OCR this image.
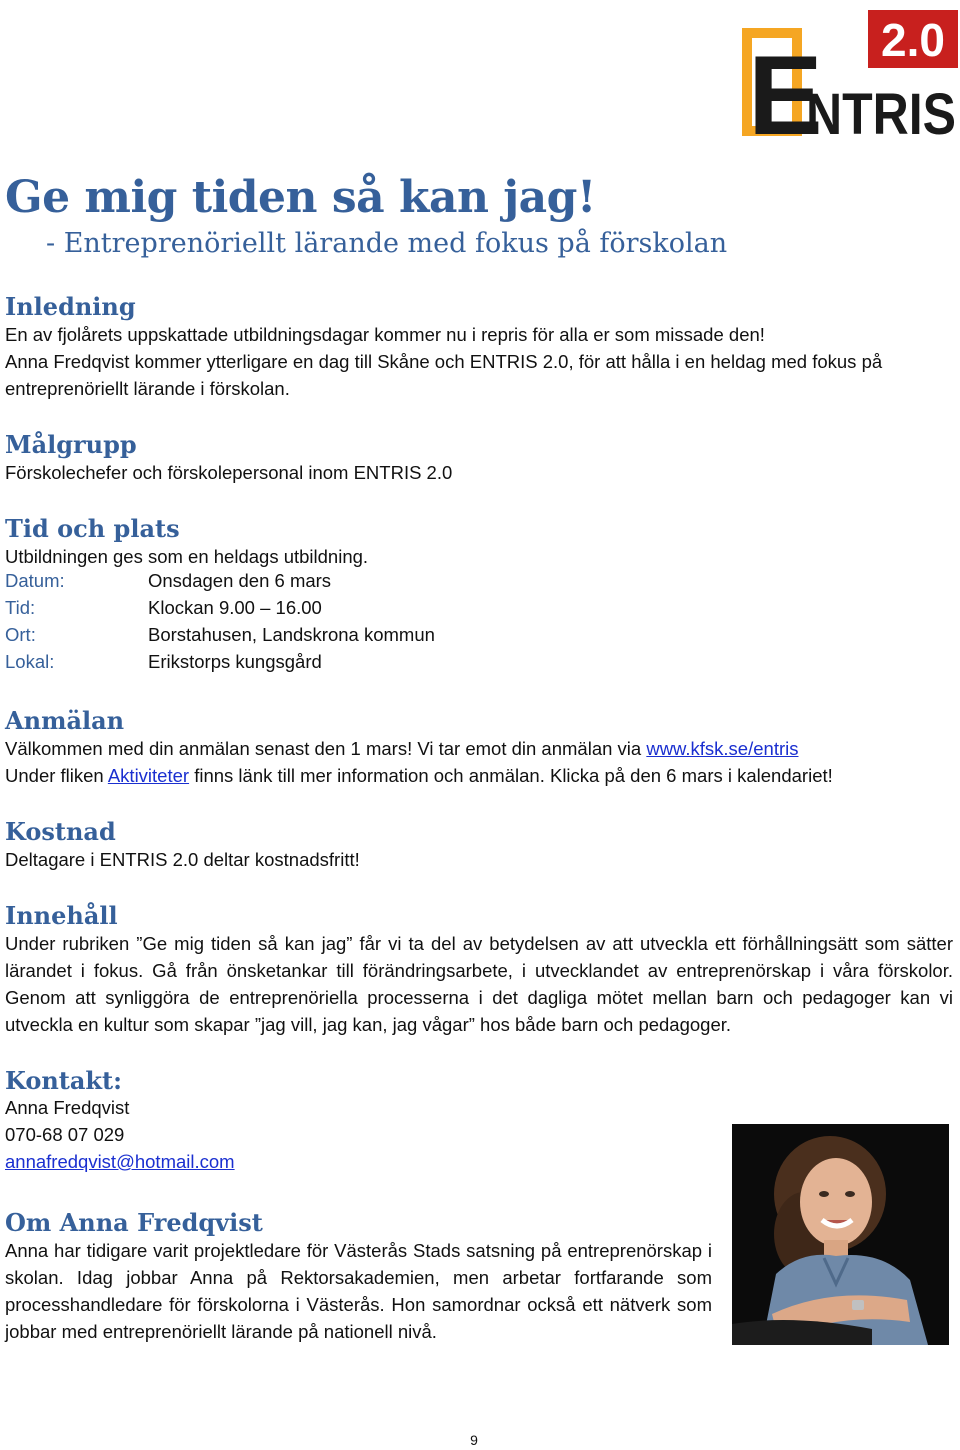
2.0
E
NTRIS
Ge mig tiden så kan jag!
- Entreprenöriellt lärande med fokus på förskolan
Inledning
En av fjolårets uppskattade utbildningsdagar kommer nu i repris för alla er som missade den!
Anna Fredqvist kommer ytterligare en dag till Skåne och ENTRIS 2.0, för att hålla i en heldag med fokus på
entreprenöriellt lärande i förskolan.
Målgrupp
Förskolechefer och förskolepersonal inom ENTRIS 2.0
Tid och plats
Utbildningen ges som en heldags utbildning.
Datum:	Onsdagen den 6 mars
Tid:	Klockan 9.00 – 16.00
Ort:	Borstahusen, Landskrona kommun
Lokal:	Erikstorps kungsgård
Anmälan
Välkommen med din anmälan senast den 1 mars! Vi tar emot din anmälan via www.kfsk.se/entris
Under fliken Aktiviteter finns länk till mer information och anmälan. Klicka på den 6 mars i kalendariet!
Kostnad
Deltagare i ENTRIS 2.0 deltar kostnadsfritt!
Innehåll
Under rubriken ”Ge mig tiden så kan jag” får vi ta del av betydelsen av att utveckla ett förhållningsätt som sätter lärandet i fokus. Gå från önsketankar till förändringsarbete, i utvecklandet av entreprenörskap i våra förskolor. Genom att synliggöra de entreprenöriella processerna i det dagliga mötet mellan barn och pedagoger kan vi utveckla en kultur som skapar ”jag vill, jag kan, jag vågar” hos både barn och pedagoger.
Kontakt:
Anna Fredqvist
070-68 07 029
annafredqvist@hotmail.com
Om Anna Fredqvist
Anna har tidigare varit projektledare för Västerås Stads satsning på entreprenörskap i skolan. Idag jobbar Anna på Rektorsakademien, men arbetar fortfarande som processhandledare för förskolorna i Västerås. Hon samordnar också ett nätverk som jobbar med entreprenöriellt lärande på nationell nivå.
9
